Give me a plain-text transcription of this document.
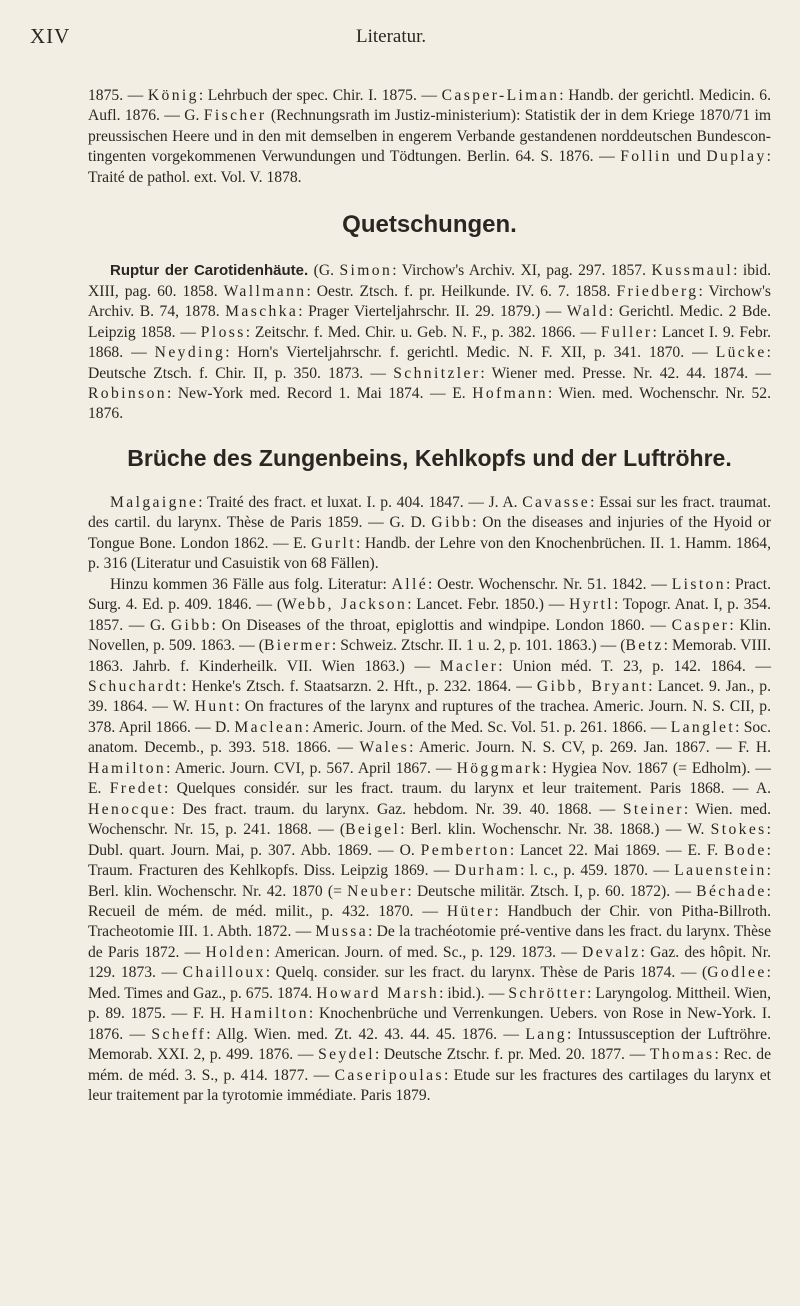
XIV	Literatur.

1875. — König: Lehrbuch der spec. Chir. I. 1875. — Casper-Liman: Handb. der gerichtl. Medicin. 6. Aufl. 1876. — G. Fischer (Rechnungsrath im Justiz-ministerium): Statistik der in dem Kriege 1870/71 im preussischen Heere und in den mit demselben in engerem Verbande gestandenen norddeutschen Bundescon-tingenten vorgekommenen Verwundungen und Tödtungen. Berlin. 64. S. 1876. — Follin und Duplay: Traité de pathol. ext. Vol. V. 1878.

Quetschungen.

Ruptur der Carotidenhäute. (G. Simon: Virchow's Archiv. XI, pag. 297. 1857. Kussmaul: ibid. XIII, pag. 60. 1858. Wallmann: Oestr. Ztsch. f. pr. Heilkunde. IV. 6. 7. 1858. Friedberg: Virchow's Archiv. B. 74, 1878. Maschka: Prager Vierteljahrschr. II. 29. 1879.) — Wald: Gerichtl. Medic. 2 Bde. Leipzig 1858. — Ploss: Zeitschr. f. Med. Chir. u. Geb. N. F., p. 382. 1866. — Fuller: Lancet I. 9. Febr. 1868. — Neyding: Horn's Vierteljahrschr. f. gerichtl. Medic. N. F. XII, p. 341. 1870. — Lücke: Deutsche Ztsch. f. Chir. II, p. 350. 1873. — Schnitzler: Wiener med. Presse. Nr. 42. 44. 1874. — Robinson: New-York med. Record 1. Mai 1874. — E. Hofmann: Wien. med. Wochenschr. Nr. 52. 1876.

Brüche des Zungenbeins, Kehlkopfs und der Luftröhre.

Malgaigne: Traité des fract. et luxat. I. p. 404. 1847. — J. A. Cavasse: Essai sur les fract. traumat. des cartil. du larynx. Thèse de Paris 1859. — G. D. Gibb: On the diseases and injuries of the Hyoid or Tongue Bone. London 1862. — E. Gurlt: Handb. der Lehre von den Knochenbrüchen. II. 1. Hamm. 1864, p. 316 (Literatur und Casuistik von 68 Fällen).

Hinzu kommen 36 Fälle aus folg. Literatur: Allé: Oestr. Wochenschr. Nr. 51. 1842. — Liston: Pract. Surg. 4. Ed. p. 409. 1846. — (Webb, Jackson: Lancet. Febr. 1850.) — Hyrtl: Topogr. Anat. I, p. 354. 1857. — G. Gibb: On Diseases of the throat, epiglottis and windpipe. London 1860. — Casper: Klin. Novellen, p. 509. 1863. — (Biermer: Schweiz. Ztschr. II. 1 u. 2, p. 101. 1863.) — (Betz: Memorab. VIII. 1863. Jahrb. f. Kinderheilk. VII. Wien 1863.) — Macler: Union méd. T. 23, p. 142. 1864. — Schuchardt: Henke's Ztsch. f. Staatsarzn. 2. Hft., p. 232. 1864. — Gibb, Bryant: Lancet. 9. Jan., p. 39. 1864. — W. Hunt: On fractures of the larynx and ruptures of the trachea. Americ. Journ. N. S. CII, p. 378. April 1866. — D. Maclean: Americ. Journ. of the Med. Sc. Vol. 51. p. 261. 1866. — Langlet: Soc. anatom. Decemb., p. 393. 518. 1866. — Wales: Americ. Journ. N. S. CV, p. 269. Jan. 1867. — F. H. Hamilton: Americ. Journ. CVI, p. 567. April 1867. — Höggmark: Hygiea Nov. 1867 (= Edholm). — E. Fredet: Quelques considér. sur les fract. traum. du larynx et leur traitement. Paris 1868. — A. Henocque: Des fract. traum. du larynx. Gaz. hebdom. Nr. 39. 40. 1868. — Steiner: Wien. med. Wochenschr. Nr. 15, p. 241. 1868. — (Beigel: Berl. klin. Wochenschr. Nr. 38. 1868.) — W. Stokes: Dubl. quart. Journ. Mai, p. 307. Abb. 1869. — O. Pemberton: Lancet 22. Mai 1869. — E. F. Bode: Traum. Fracturen des Kehlkopfs. Diss. Leipzig 1869. — Durham: l. c., p. 459. 1870. — Lauenstein: Berl. klin. Wochenschr. Nr. 42. 1870 (= Neuber: Deutsche militär. Ztsch. I, p. 60. 1872). — Béchade: Recueil de mém. de méd. milit., p. 432. 1870. — Hüter: Handbuch der Chir. von Pitha-Billroth. Tracheotomie III. 1. Abth. 1872. — Mussa: De la trachéotomie pré-ventive dans les fract. du larynx. Thèse de Paris 1872. — Holden: American. Journ. of med. Sc., p. 129. 1873. — Devalz: Gaz. des hôpit. Nr. 129. 1873. — Chailloux: Quelq. consider. sur les fract. du larynx. Thèse de Paris 1874. — (Godlee: Med. Times and Gaz., p. 675. 1874. Howard Marsh: ibid.). — Schrötter: Laryngolog. Mittheil. Wien, p. 89. 1875. — F. H. Hamilton: Knochenbrüche und Verrenkungen. Uebers. von Rose in New-York. I. 1876. — Scheff: Allg. Wien. med. Zt. 42. 43. 44. 45. 1876. — Lang: Intussusception der Luftröhre. Memorab. XXI. 2, p. 499. 1876. — Seydel: Deutsche Ztschr. f. pr. Med. 20. 1877. — Thomas: Rec. de mém. de méd. 3. S., p. 414. 1877. — Caseripoulas: Etude sur les fractures des cartilages du larynx et leur traitement par la tyrotomie immédiate. Paris 1879.
